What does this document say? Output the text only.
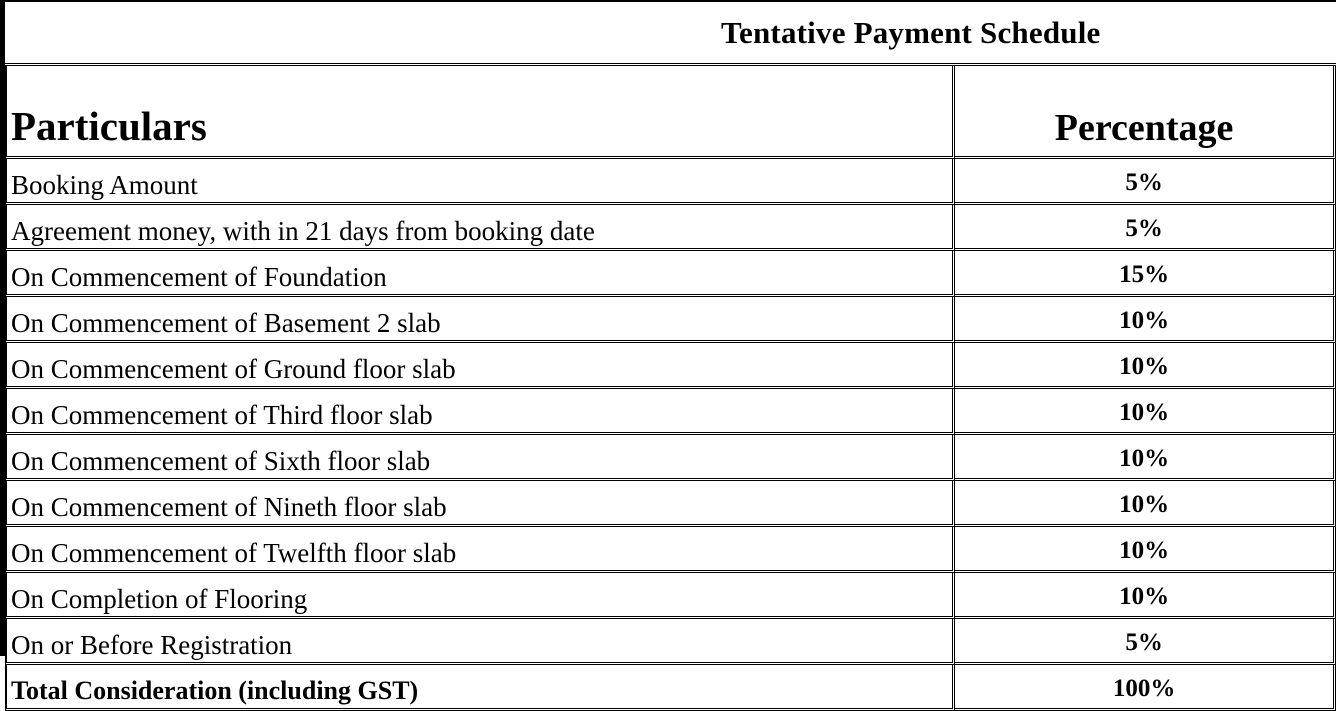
Tentative Payment Schedule
Particulars	Percentage
Booking Amount	5%
Agreement money, with in 21 days from booking date	5%
On Commencement of Foundation	15%
On Commencement of Basement 2 slab	10%
On Commencement of Ground floor slab	10%
On Commencement of Third floor slab	10%
On Commencement of Sixth floor slab	10%
On Commencement of Nineth floor slab	10%
On Commencement of Twelfth floor slab	10%
On Completion of Flooring	10%
On or Before Registration	5%
Total Consideration (including GST)	100%
